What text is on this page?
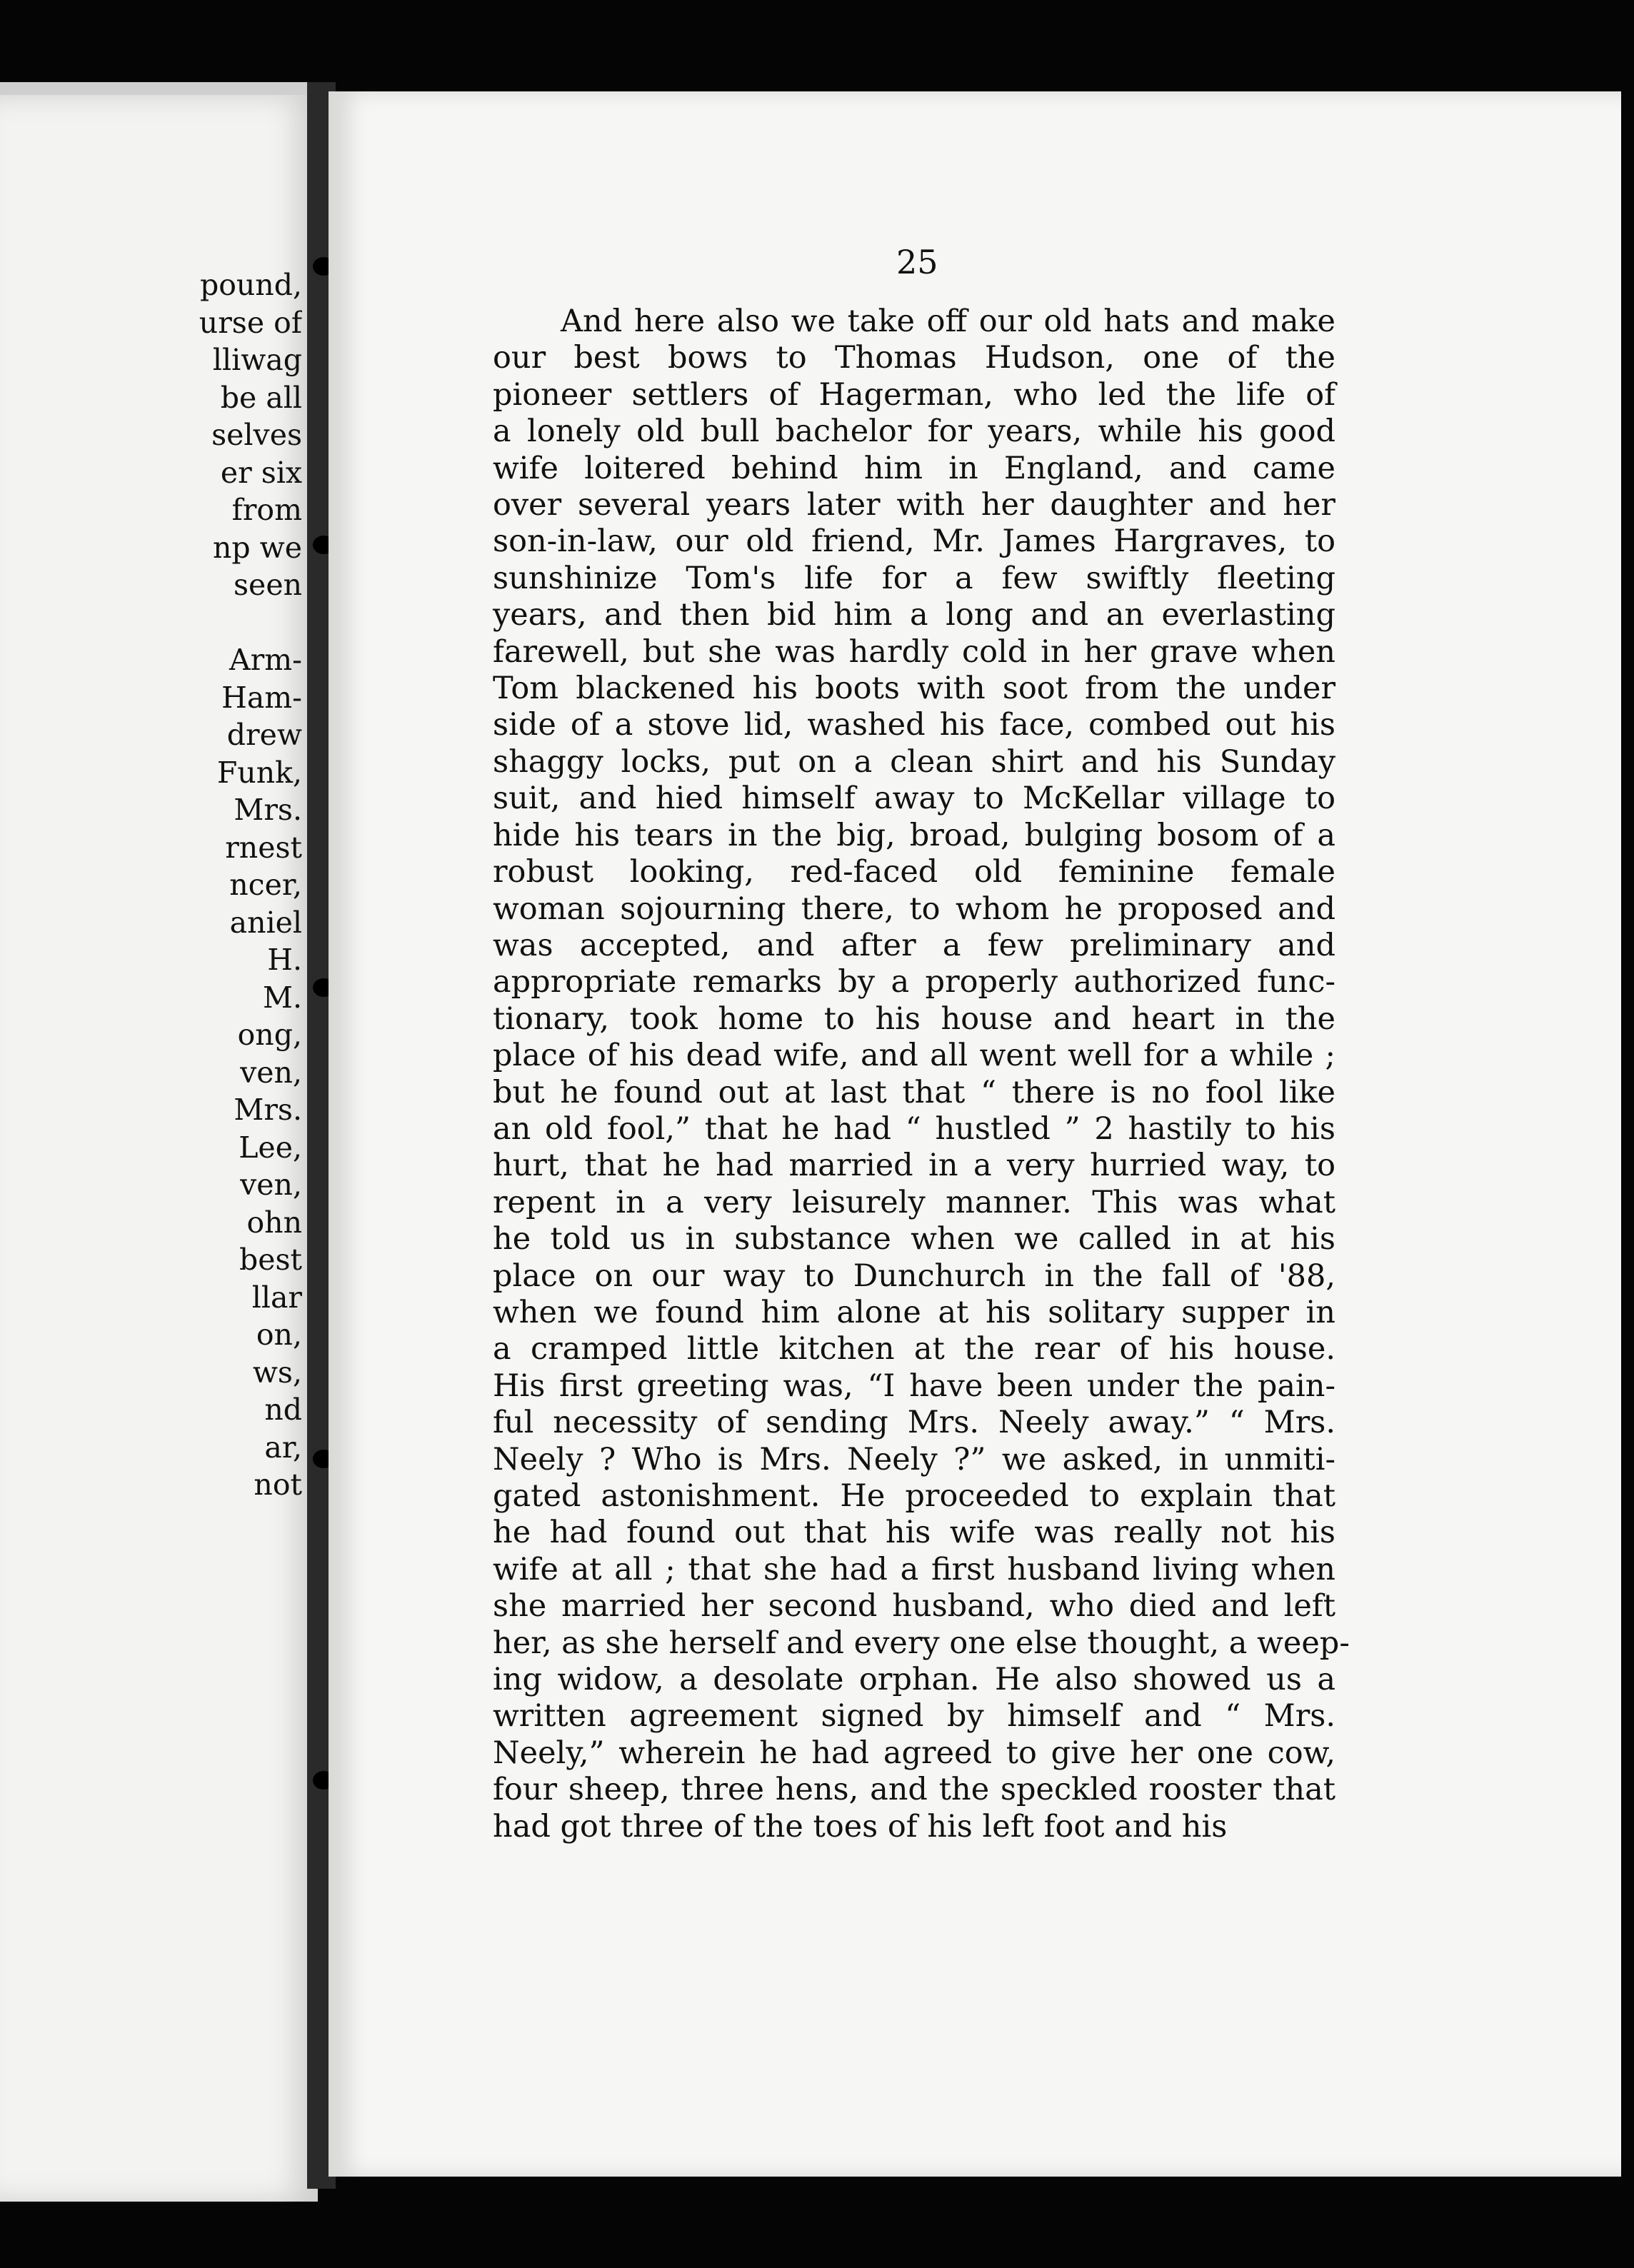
pound,
urse of
lliwag
be all
selves
er six
from
np we
seen
Arm-
Ham-
drew
Funk,
Mrs.
rnest
ncer,
aniel
H.
M.
ong,
ven,
Mrs.
Lee,
ven,
ohn
best
llar
on,
ws,
nd
ar,
not
25
And here also we take off our old hats and make
our best bows to Thomas Hudson, one of the
pioneer settlers of Hagerman, who led the life of
a lonely old bull bachelor for years, while his good
wife loitered behind him in England, and came
over several years later with her daughter and her
son-in-law, our old friend, Mr. James Hargraves, to
sunshinize Tom's life for a few swiftly fleeting
years, and then bid him a long and an everlasting
farewell, but she was hardly cold in her grave when
Tom blackened his boots with soot from the under
side of a stove lid, washed his face, combed out his
shaggy locks, put on a clean shirt and his Sunday
suit, and hied himself away to McKellar village to
hide his tears in the big, broad, bulging bosom of a
robust looking, red-faced old feminine female
woman sojourning there, to whom he proposed and
was accepted, and after a few preliminary and
appropriate remarks by a properly authorized func-
tionary, took home to his house and heart in the
place of his dead wife, and all went well for a while ;
but he found out at last that “ there is no fool like
an old fool,” that he had “ hustled ” 2 hastily to his
hurt, that he had married in a very hurried way, to
repent in a very leisurely manner. This was what
he told us in substance when we called in at his
place on our way to Dunchurch in the fall of '88,
when we found him alone at his solitary supper in
a cramped little kitchen at the rear of his house.
His first greeting was, “I have been under the pain-
ful necessity of sending Mrs. Neely away.” “ Mrs.
Neely ? Who is Mrs. Neely ?” we asked, in unmiti-
gated astonishment. He proceeded to explain that
he had found out that his wife was really not his
wife at all ; that she had a first husband living when
she married her second husband, who died and left
her, as she herself and every one else thought, a weep-
ing widow, a desolate orphan. He also showed us a
written agreement signed by himself and “ Mrs.
Neely,” wherein he had agreed to give her one cow,
four sheep, three hens, and the speckled rooster that
had got three of the toes of his left foot and his
